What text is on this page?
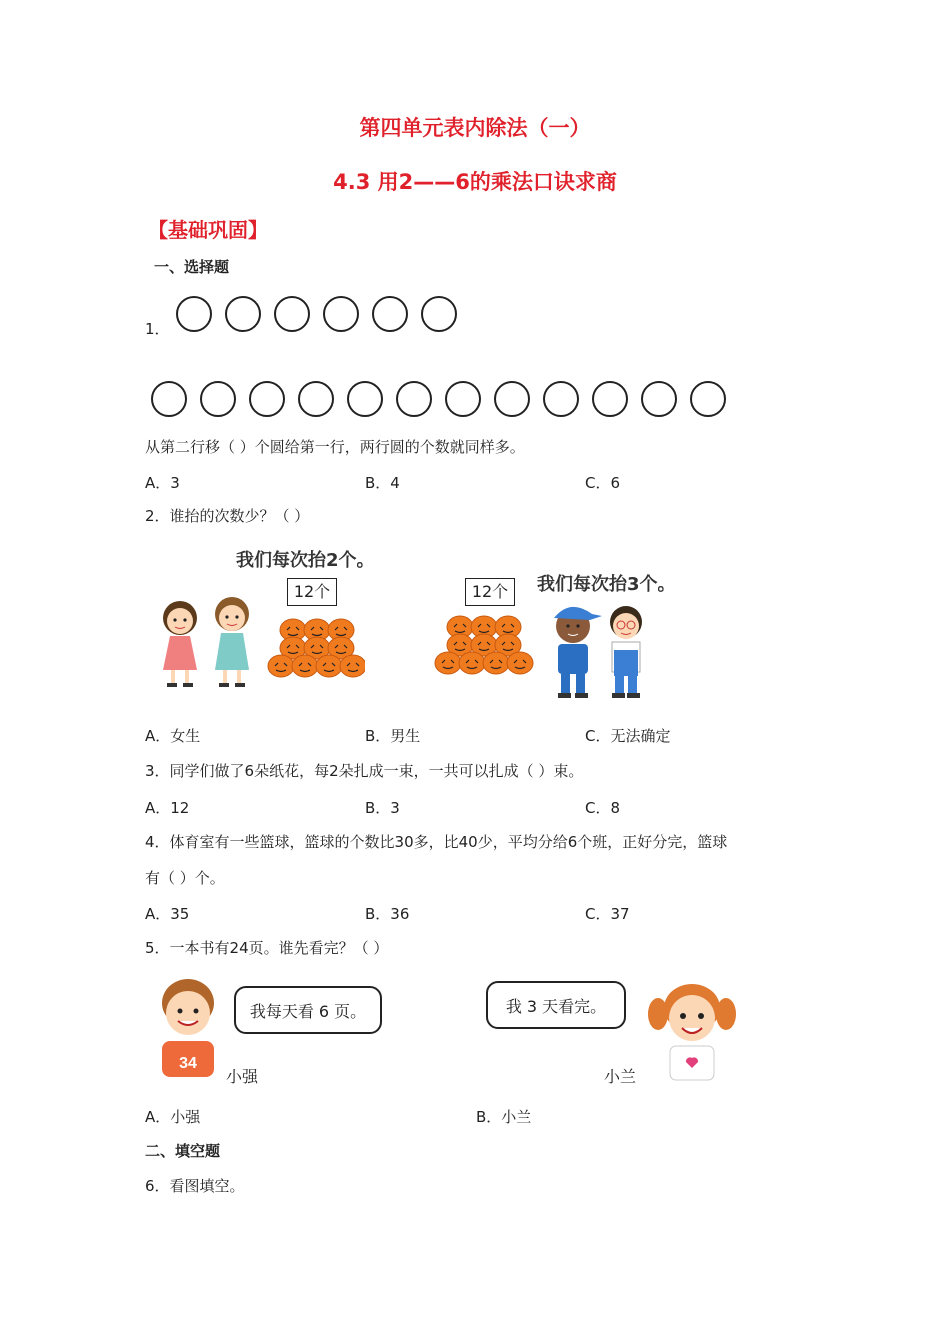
第四单元表内除法（一）
4.3 用2——6的乘法口诀求商
【基础巩固】
一、选择题
1．
从第二行移（ ）个圆给第一行，两行圆的个数就同样多。
A．3	B．4	C．6
2．谁抬的次数少？（ ）
我们每次抬2个。
我们每次抬3个。
12个	12个
A．女生	B．男生	C．无法确定
3．同学们做了6朵纸花，每2朵扎成一束，一共可以扎成（ ）束。
A．12	B．3	C．8
4．体育室有一些篮球，篮球的个数比30多，比40少，平均分给6个班，正好分完，篮球
有（ ）个。
A．35	B．36	C．37
5．一本书有24页。谁先看完？（ ）
34
我每天看 6 页。
小强
我 3 天看完。
小兰
A．小强	B．小兰
二、填空题
6．看图填空。
